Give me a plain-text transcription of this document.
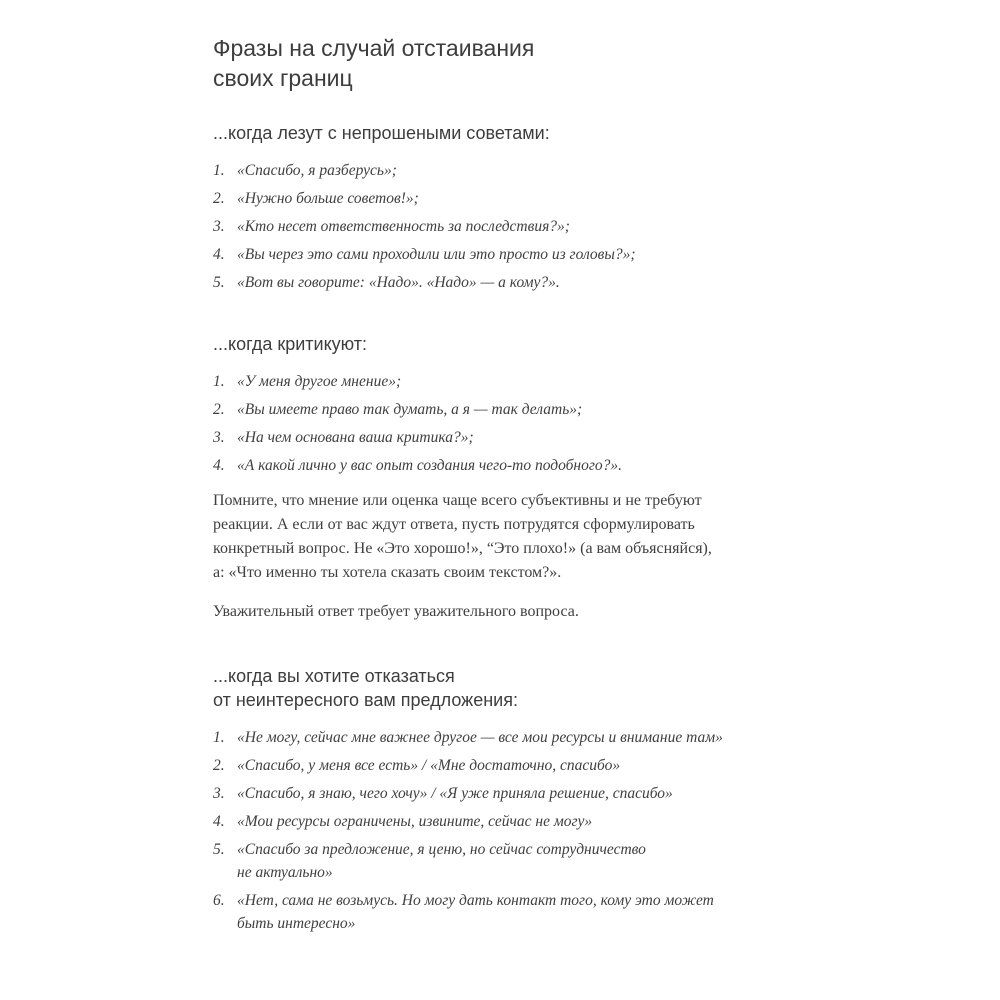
Фразы на случай отстаивания
своих границ
...когда лезут с непрошеными советами:
1. «Спасибо, я разберусь»;
2. «Нужно больше советов!»;
3. «Кто несет ответственность за последствия?»;
4. «Вы через это сами проходили или это просто из головы?»;
5. «Вот вы говорите: «Надо». «Надо» — а кому?».
...когда критикуют:
1. «У меня другое мнение»;
2. «Вы имеете право так думать, а я — так делать»;
3. «На чем основана ваша критика?»;
4. «А какой лично у вас опыт создания чего-то подобного?».

Помните, что мнение или оценка чаще всего субъективны и не требуют
реакции. А если от вас ждут ответа, пусть потрудятся сформулировать
конкретный вопрос. Не «Это хорошо!», “Это плохо!» (а вам объясняйся),
а: «Что именно ты хотела сказать своим текстом?».

Уважительный ответ требует уважительного вопроса.

...когда вы хотите отказаться
от неинтересного вам предложения:
1. «Не могу, сейчас мне важнее другое — все мои ресурсы и внимание там»
2. «Спасибо, у меня все есть» / «Мне достаточно, спасибо»
3. «Спасибо, я знаю, чего хочу» / «Я уже приняла решение, спасибо»
4. «Мои ресурсы ограничены, извините, сейчас не могу»
5. «Спасибо за предложение, я ценю, но сейчас сотрудничество
не актуально»
6. «Нет, сама не возьмусь. Но могу дать контакт того, кому это может
быть интересно»
